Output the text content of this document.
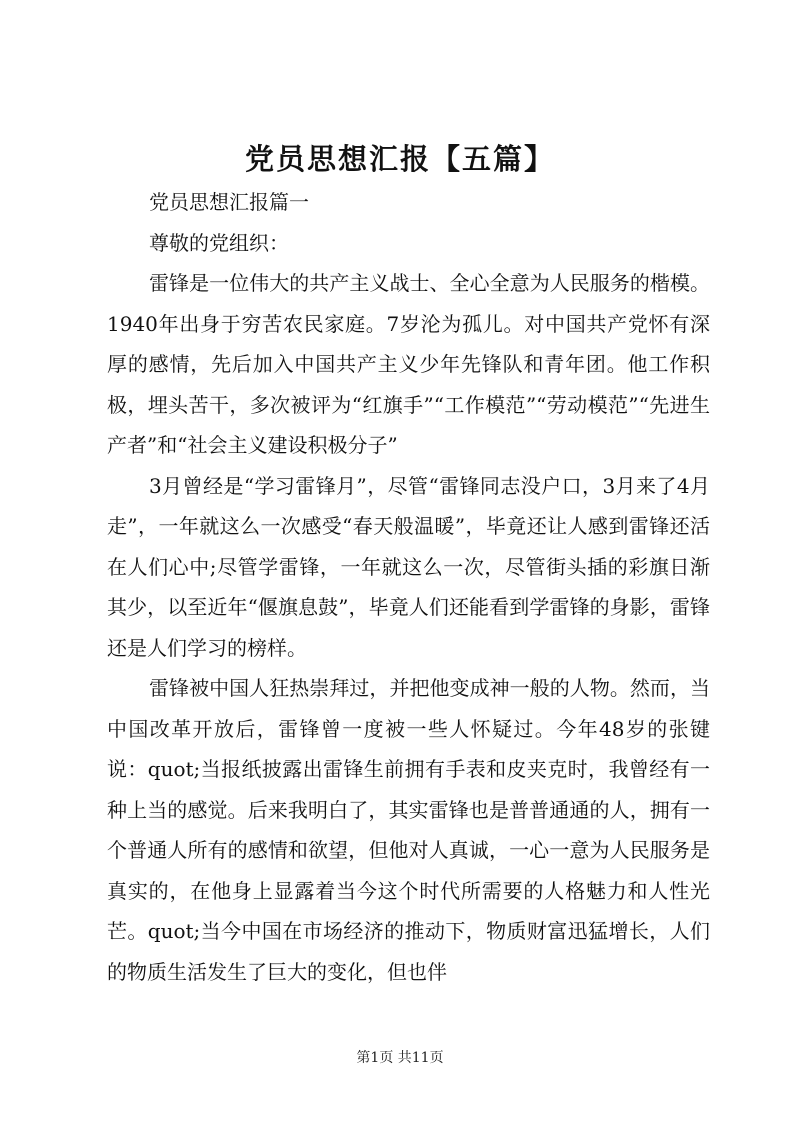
党员思想汇报【五篇】

党员思想汇报篇一

尊敬的党组织：

雷锋是一位伟大的共产主义战士、全心全意为人民服务的楷模。1940年出身于穷苦农民家庭。7岁沦为孤儿。对中国共产党怀有深厚的感情，先后加入中国共产主义少年先锋队和青年团。他工作积极，埋头苦干，多次被评为“红旗手”“工作模范”“劳动模范”“先进生产者”和“社会主义建设积极分子”

3月曾经是“学习雷锋月”，尽管“雷锋同志没户口，3月来了4月走”，一年就这么一次感受“春天般温暖”，毕竟还让人感到雷锋还活在人们心中;尽管学雷锋，一年就这么一次，尽管街头插的彩旗日渐其少，以至近年“偃旗息鼓”，毕竟人们还能看到学雷锋的身影，雷锋还是人们学习的榜样。

雷锋被中国人狂热崇拜过，并把他变成神一般的人物。然而，当中国改革开放后，雷锋曾一度被一些人怀疑过。今年48岁的张键说：quot;当报纸披露出雷锋生前拥有手表和皮夹克时，我曾经有一种上当的感觉。后来我明白了，其实雷锋也是普普通通的人，拥有一个普通人所有的感情和欲望，但他对人真诚，一心一意为人民服务是真实的，在他身上显露着当今这个时代所需要的人格魅力和人性光芒。quot;当今中国在市场经济的推动下，物质财富迅猛增长，人们的物质生活发生了巨大的变化，但也伴

第1页 共11页
